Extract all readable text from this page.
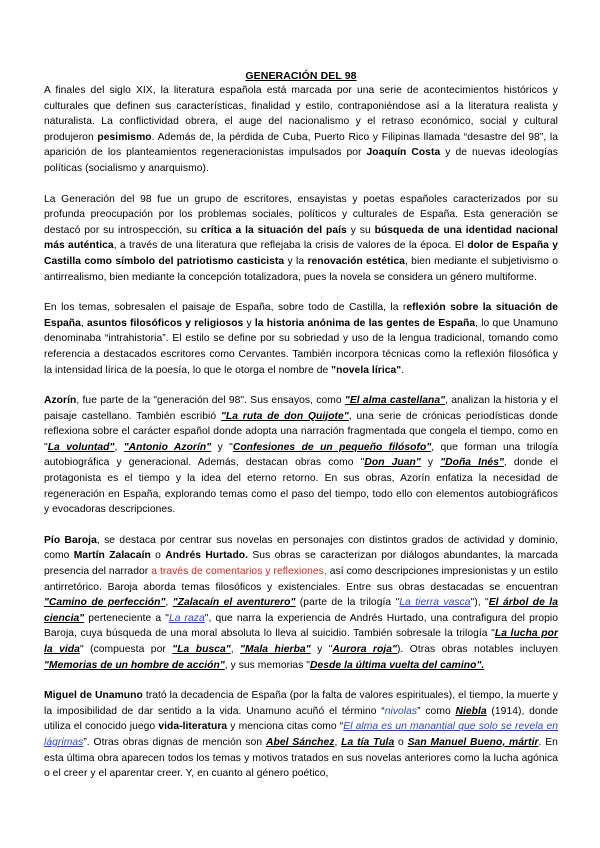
GENERACIÓN DEL 98

A finales del siglo XIX, la literatura española está marcada por una serie de acontecimientos históricos y culturales que definen sus características, finalidad y estilo, contraponiéndose así a la literatura realista y naturalista. La conflictividad obrera, el auge del nacionalismo y el retraso económico, social y cultural produjeron pesimismo. Además de, la pérdida de Cuba, Puerto Rico y Filipinas llamada “desastre del 98”, la aparición de los planteamientos regeneracionistas impulsados por Joaquín Costa y de nuevas ideologías políticas (socialismo y anarquismo).

La Generación del 98 fue un grupo de escritores, ensayistas y poetas españoles caracterizados por su profunda preocupación por los problemas sociales, políticos y culturales de España. Esta generación se destacó por su introspección, su crítica a la situación del país y su búsqueda de una identidad nacional más auténtica, a través de una literatura que reflejaba la crisis de valores de la época. El dolor de España y Castilla como símbolo del patriotismo casticista y la renovación estética, bien mediante el subjetivismo o antirrealismo, bien mediante la concepción totalizadora, pues la novela se considera un género multiforme.

En los temas, sobresalen el paisaje de España, sobre todo de Castilla, la reflexión sobre la situación de España, asuntos filosóficos y religiosos y la historia anónima de las gentes de España, lo que Unamuno denominaba “intrahistoria”. El estilo se define por su sobriedad y uso de la lengua tradicional, tomando como referencia a destacados escritores como Cervantes. También incorpora técnicas como la reflexión filosófica y la intensidad lírica de la poesía, lo que le otorga el nombre de "novela lírica".

Azorín, fue parte de la "generación del 98". Sus ensayos, como "El alma castellana", analizan la historia y el paisaje castellano. También escribió "La ruta de don Quijote", una serie de crónicas periodísticas donde reflexiona sobre el carácter español donde adopta una narración fragmentada que congela el tiempo, como en "La voluntad", "Antonio Azorín" y "Confesiones de un pequeño filósofo", que forman una trilogía autobiográfica y generacional. Además, destacan obras como "Don Juan" y "Doña Inés", donde el protagonista es el tiempo y la idea del eterno retorno. En sus obras, Azorín enfatiza la necesidad de regeneración en España, explorando temas como el paso del tiempo, todo ello con elementos autobiográficos y evocadoras descripciones.

Pío Baroja, se destaca por centrar sus novelas en personajes con distintos grados de actividad y dominio, como Martín Zalacaín o Andrés Hurtado. Sus obras se caracterizan por diálogos abundantes, la marcada presencia del narrador a través de comentarios y reflexiones, así como descripciones impresionistas y un estilo antirretórico. Baroja aborda temas filosóficos y existenciales. Entre sus obras destacadas se encuentran "Camino de perfección", "Zalacaín el aventurero" (parte de la trilogía "La tierra vasca"), "El árbol de la ciencia" perteneciente a "La raza", que narra la experiencia de Andrés Hurtado, una contrafigura del propio Baroja, cuya búsqueda de una moral absoluta lo lleva al suicidio. También sobresale la trilogía "La lucha por la vida" (compuesta por "La busca", "Mala hierba" y "Aurora roja"). Otras obras notables incluyen "Memorias de un hombre de acción", y sus memorias "Desde la última vuelta del camino".

Miguel de Unamuno trató la decadencia de España (por la falta de valores espirituales), el tiempo, la muerte y la imposibilidad de dar sentido a la vida. Unamuno acuñó el término “nivolas” como Niebla (1914), donde utiliza el conocido juego vida-literatura y menciona citas como “El alma es un manantial que solo se revela en lágrimas”. Otras obras dignas de mención son Abel Sánchez, La tía Tula o San Manuel Bueno, mártir. En esta última obra aparecen todos los temas y motivos tratados en sus novelas anteriores como la lucha agónica o el creer y el aparentar creer. Y, en cuanto al género poético,
